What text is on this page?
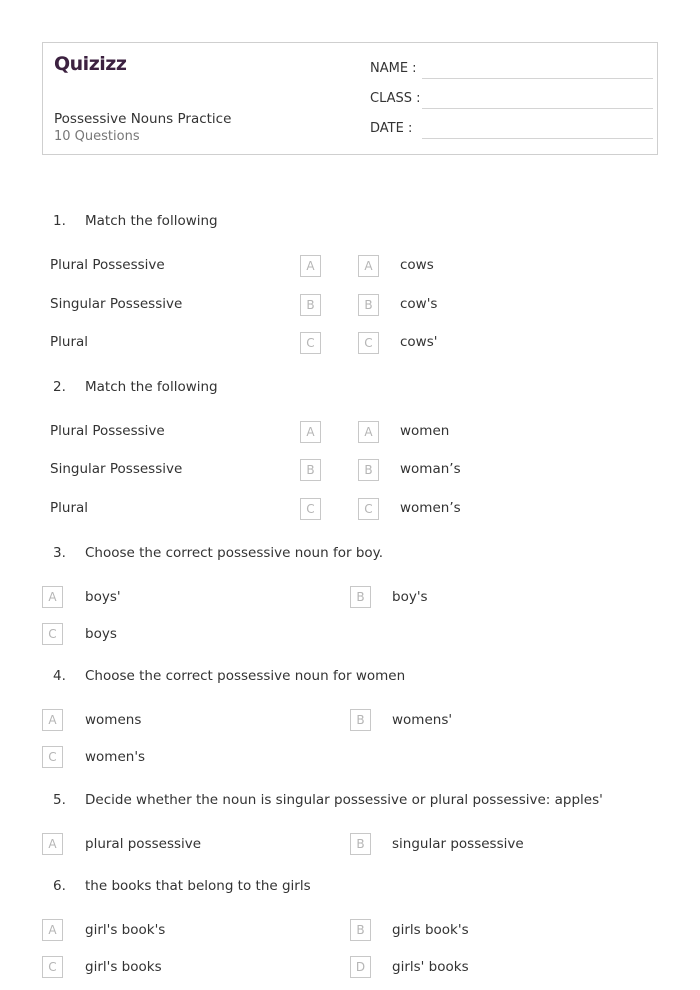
Quizizz
Possessive Nouns Practice
10 Questions
NAME :
CLASS :
DATE :
1. Match the following
Plural Possessive	A	A	cows
Singular Possessive	B	B	cow's
Plural	C	C	cows'
2. Match the following
Plural Possessive	A	A	women
Singular Possessive	B	B	woman’s
Plural	C	C	women’s
3. Choose the correct possessive noun for boy.
A	boys'	B	boy's
C	boys
4. Choose the correct possessive noun for women
A	womens	B	womens'
C	women's
5. Decide whether the noun is singular possessive or plural possessive: apples'
A	plural possessive	B	singular possessive
6. the books that belong to the girls
A	girl's book's	B	girls book's
C	girl's books	D	girls' books
